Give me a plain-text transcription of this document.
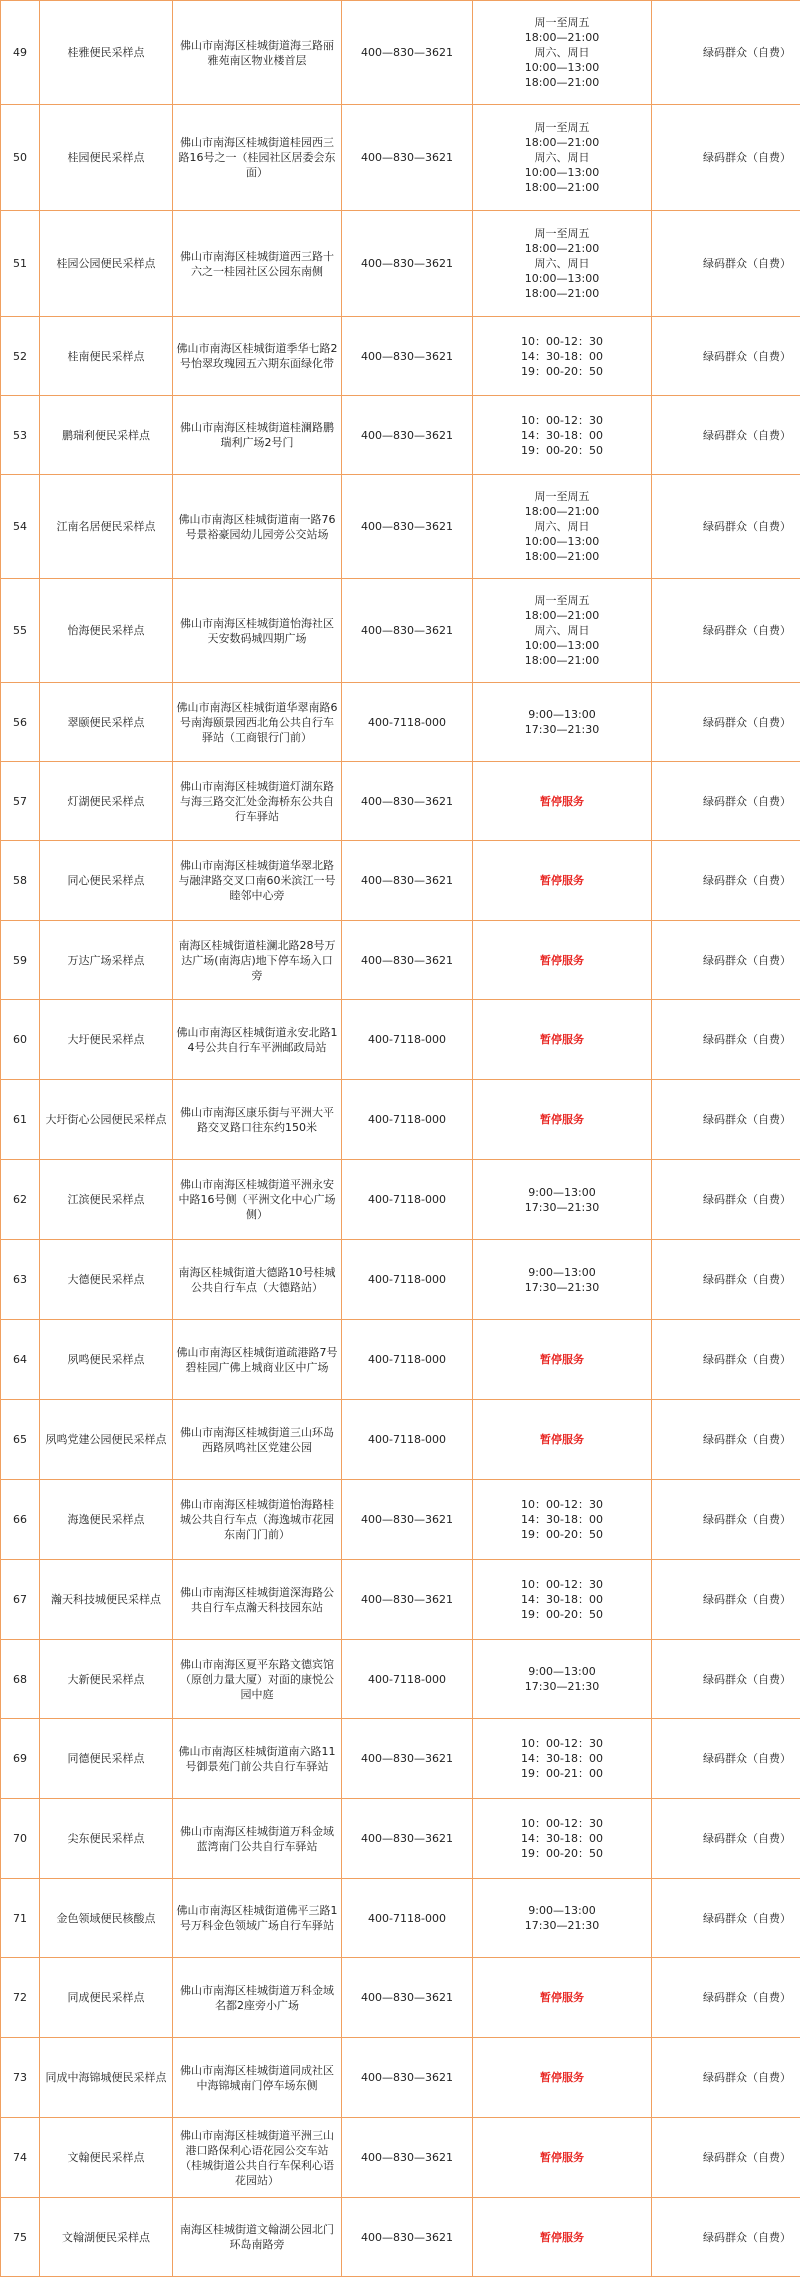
49	桂雅便民采样点	佛山市南海区桂城街道海三路丽雅苑南区物业楼首层	400—830—3621	周一至周五
18:00—21:00
周六、周日
10:00—13:00
18:00—21:00	绿码群众（自费）
50	桂园便民采样点	佛山市南海区桂城街道桂园西三路16号之一（桂园社区居委会东面）	400—830—3621	周一至周五
18:00—21:00
周六、周日
10:00—13:00
18:00—21:00	绿码群众（自费）
51	桂园公园便民采样点	佛山市南海区桂城街道西三路十六之一桂园社区公园东南侧	400—830—3621	周一至周五
18:00—21:00
周六、周日
10:00—13:00
18:00—21:00	绿码群众（自费）
52	桂南便民采样点	佛山市南海区桂城街道季华七路2号怡翠玫瑰园五六期东面绿化带	400—830—3621	10：00-12：30
14：30-18：00
19：00-20：50	绿码群众（自费）
53	鹏瑞利便民采样点	佛山市南海区桂城街道桂澜路鹏瑞利广场2号门	400—830—3621	10：00-12：30
14：30-18：00
19：00-20：50	绿码群众（自费）
54	江南名居便民采样点	佛山市南海区桂城街道南一路76号景裕豪园幼儿园旁公交站场	400—830—3621	周一至周五
18:00—21:00
周六、周日
10:00—13:00
18:00—21:00	绿码群众（自费）
55	怡海便民采样点	佛山市南海区桂城街道怡海社区天安数码城四期广场	400—830—3621	周一至周五
18:00—21:00
周六、周日
10:00—13:00
18:00—21:00	绿码群众（自费）
56	翠颐便民采样点	佛山市南海区桂城街道华翠南路6号南海颐景园西北角公共自行车驿站（工商银行门前）	400-7118-000	9:00—13:00
17:30—21:30	绿码群众（自费）
57	灯湖便民采样点	佛山市南海区桂城街道灯湖东路与海三路交汇处金海桥东公共自行车驿站	400—830—3621	暂停服务	绿码群众（自费）
58	同心便民采样点	佛山市南海区桂城街道华翠北路与融津路交叉口南60米滨江一号睦邻中心旁	400—830—3621	暂停服务	绿码群众（自费）
59	万达广场采样点	南海区桂城街道桂澜北路28号万达广场(南海店)地下停车场入口旁	400—830—3621	暂停服务	绿码群众（自费）
60	大圩便民采样点	佛山市南海区桂城街道永安北路14号公共自行车平洲邮政局站	400-7118-000	暂停服务	绿码群众（自费）
61	大圩街心公园便民采样点	佛山市南海区康乐街与平洲大平路交叉路口往东约150米	400-7118-000	暂停服务	绿码群众（自费）
62	江滨便民采样点	佛山市南海区桂城街道平洲永安中路16号侧（平洲文化中心广场侧）	400-7118-000	9:00—13:00
17:30—21:30	绿码群众（自费）
63	大德便民采样点	南海区桂城街道大德路10号桂城公共自行车点（大德路站）	400-7118-000	9:00—13:00
17:30—21:30	绿码群众（自费）
64	夙鸣便民采样点	佛山市南海区桂城街道疏港路7号碧桂园广佛上城商业区中广场	400-7118-000	暂停服务	绿码群众（自费）
65	夙鸣党建公园便民采样点	佛山市南海区桂城街道三山环岛西路夙鸣社区党建公园	400-7118-000	暂停服务	绿码群众（自费）
66	海逸便民采样点	佛山市南海区桂城街道怡海路桂城公共自行车点（海逸城市花园东南门门前）	400—830—3621	10：00-12：30
14：30-18：00
19：00-20：50	绿码群众（自费）
67	瀚天科技城便民采样点	佛山市南海区桂城街道深海路公共自行车点瀚天科技园东站	400—830—3621	10：00-12：30
14：30-18：00
19：00-20：50	绿码群众（自费）
68	大新便民采样点	佛山市南海区夏平东路文德宾馆（原创力量大厦）对面的康悦公园中庭	400-7118-000	9:00—13:00
17:30—21:30	绿码群众（自费）
69	同德便民采样点	佛山市南海区桂城街道南六路11号御景苑门前公共自行车驿站	400—830—3621	10：00-12：30
14：30-18：00
19：00-21：00	绿码群众（自费）
70	尖东便民采样点	佛山市南海区桂城街道万科金域蓝湾南门公共自行车驿站	400—830—3621	10：00-12：30
14：30-18：00
19：00-20：50	绿码群众（自费）
71	金色领域便民核酸点	佛山市南海区桂城街道佛平三路1号万科金色领域广场自行车驿站	400-7118-000	9:00—13:00
17:30—21:30	绿码群众（自费）
72	同成便民采样点	佛山市南海区桂城街道万科金域名都2座旁小广场	400—830—3621	暂停服务	绿码群众（自费）
73	同成中海锦城便民采样点	佛山市南海区桂城街道同成社区中海锦城南门停车场东侧	400—830—3621	暂停服务	绿码群众（自费）
74	文翰便民采样点	佛山市南海区桂城街道平洲三山港口路保利心语花园公交车站（桂城街道公共自行车保利心语花园站）	400—830—3621	暂停服务	绿码群众（自费）
75	文翰湖便民采样点	南海区桂城街道文翰湖公园北门环岛南路旁	400—830—3621	暂停服务	绿码群众（自费）
